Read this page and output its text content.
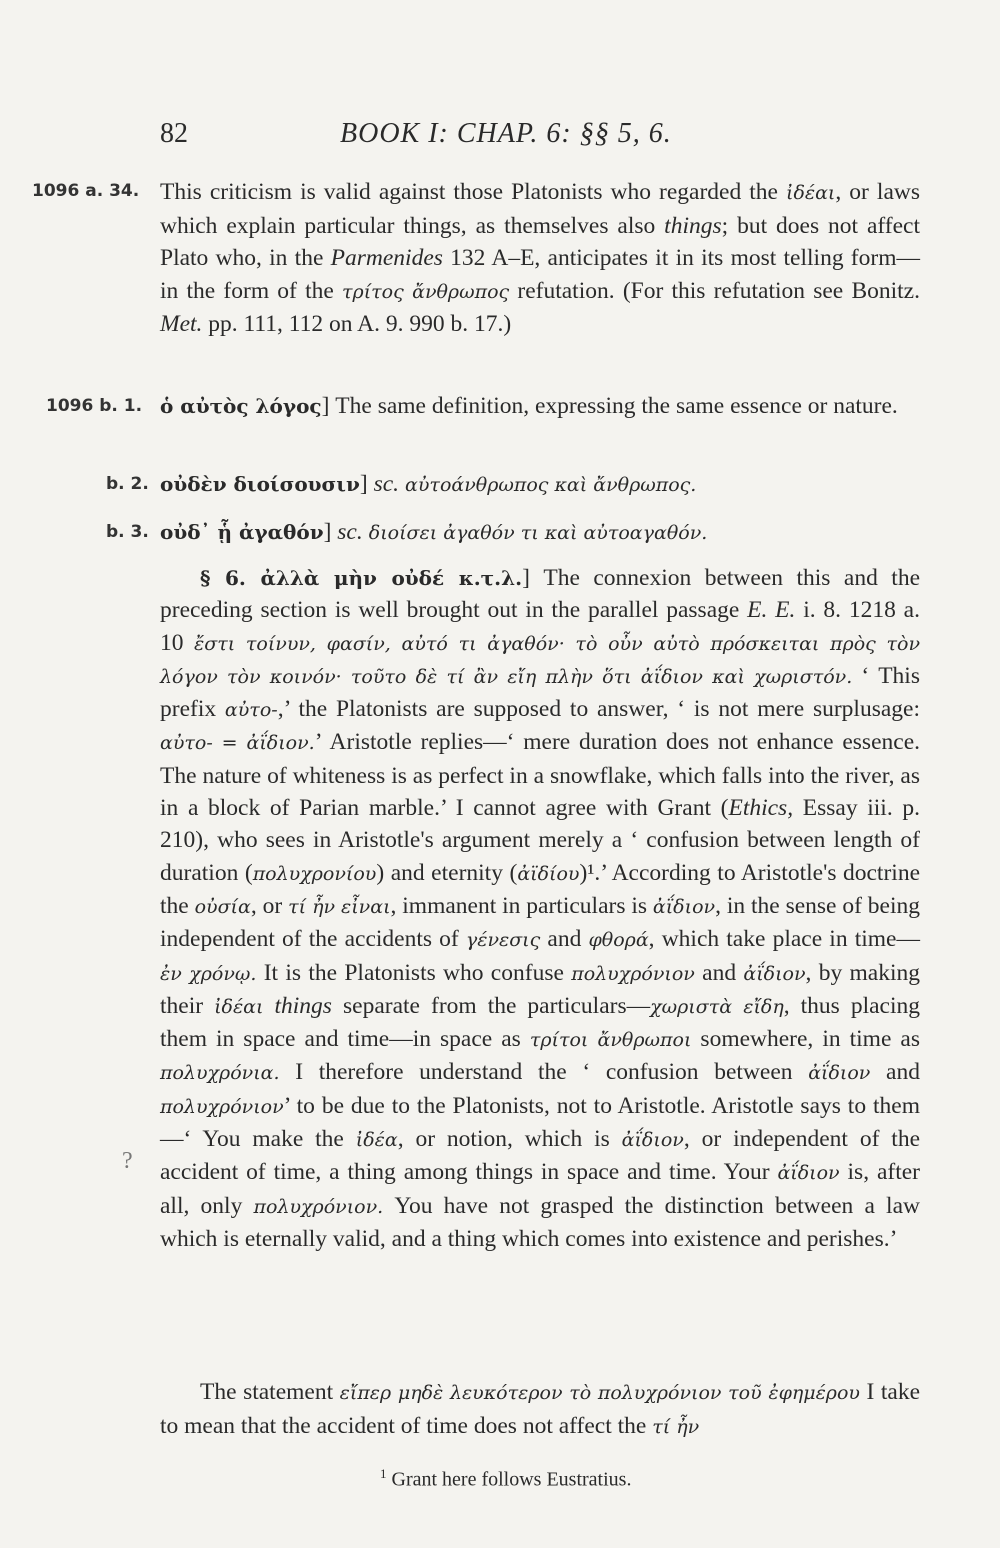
82	BOOK I: CHAP. 6: §§ 5, 6.
1096 a. 34. This criticism is valid against those Platonists who regarded the ἰδέαι, or laws which explain particular things, as themselves also things; but does not affect Plato who, in the Parmenides 132 A–E, anticipates it in its most telling form—in the form of the τρίτος ἄνθρωπος refutation. (For this refutation see Bonitz. Met. pp. 111, 112 on A. 9. 990 b. 17.)

1096 b. 1. ὁ αὐτὸς λόγος] The same definition, expressing the same essence or nature.

b. 2. οὐδὲν διοίσουσιν] sc. αὐτοάνθρωπος καὶ ἄνθρωπος.

b. 3. οὐδ᾽ ᾗ ἀγαθόν] sc. διοίσει ἀγαθόν τι καὶ αὐτοαγαθόν.

§ 6. ἀλλὰ μὴν οὐδέ κ.τ.λ.] The connexion between this and the preceding section is well brought out in the parallel passage E. E. i. 8. 1218 a. 10 ἔστι τοίνυν, φασίν, αὐτό τι ἀγαθόν· τὸ οὖν αὐτὸ πρόσκειται πρὸς τὸν λόγον τὸν κοινόν· τοῦτο δὲ τί ἂν εἴη πλὴν ὅτι ἀΐδιον καὶ χωριστόν. ‘ This prefix αὐτο-,’ the Platonists are supposed to answer, ‘ is not mere surplusage: αὐτο- = ἀΐδιον.’ Aristotle replies—‘ mere duration does not enhance essence. The nature of whiteness is as perfect in a snowflake, which falls into the river, as in a block of Parian marble.’ I cannot agree with Grant (Ethics, Essay iii. p. 210), who sees in Aristotle's argument merely a ‘ confusion between length of duration (πολυχρονίου) and eternity (ἀϊδίου)¹.’ According to Aristotle's doctrine the οὐσία, or τί ἦν εἶναι, immanent in particulars is ἀΐδιον, in the sense of being independent of the accidents of γένεσις and φθορά, which take place in time—ἐν χρόνῳ. It is the Platonists who confuse πολυχρόνιον and ἀΐδιον, by making their ἰδέαι things separate from the particulars—χωριστὰ εἴδη, thus placing them in space and time—in space as τρίτοι ἄνθρωποι somewhere, in time as πολυχρόνια. I therefore understand the ‘ confusion between ἀΐδιον and πολυχρόνιον’ to be due to the Platonists, not to Aristotle. Aristotle says to them—‘ You make the ἰδέα, or notion, which is ἀΐδιον, or independent of the accident of time, a thing among things in space and time. Your ἀΐδιον is, after all, only πολυχρόνιον. You have not grasped the distinction between a law which is eternally valid, and a thing which comes into existence and perishes.’

The statement εἴπερ μηδὲ λευκότερον τὸ πολυχρόνιον τοῦ ἐφημέρου I take to mean that the accident of time does not affect the τί ἦν

?
$^1$ Grant here follows Eustratius.
